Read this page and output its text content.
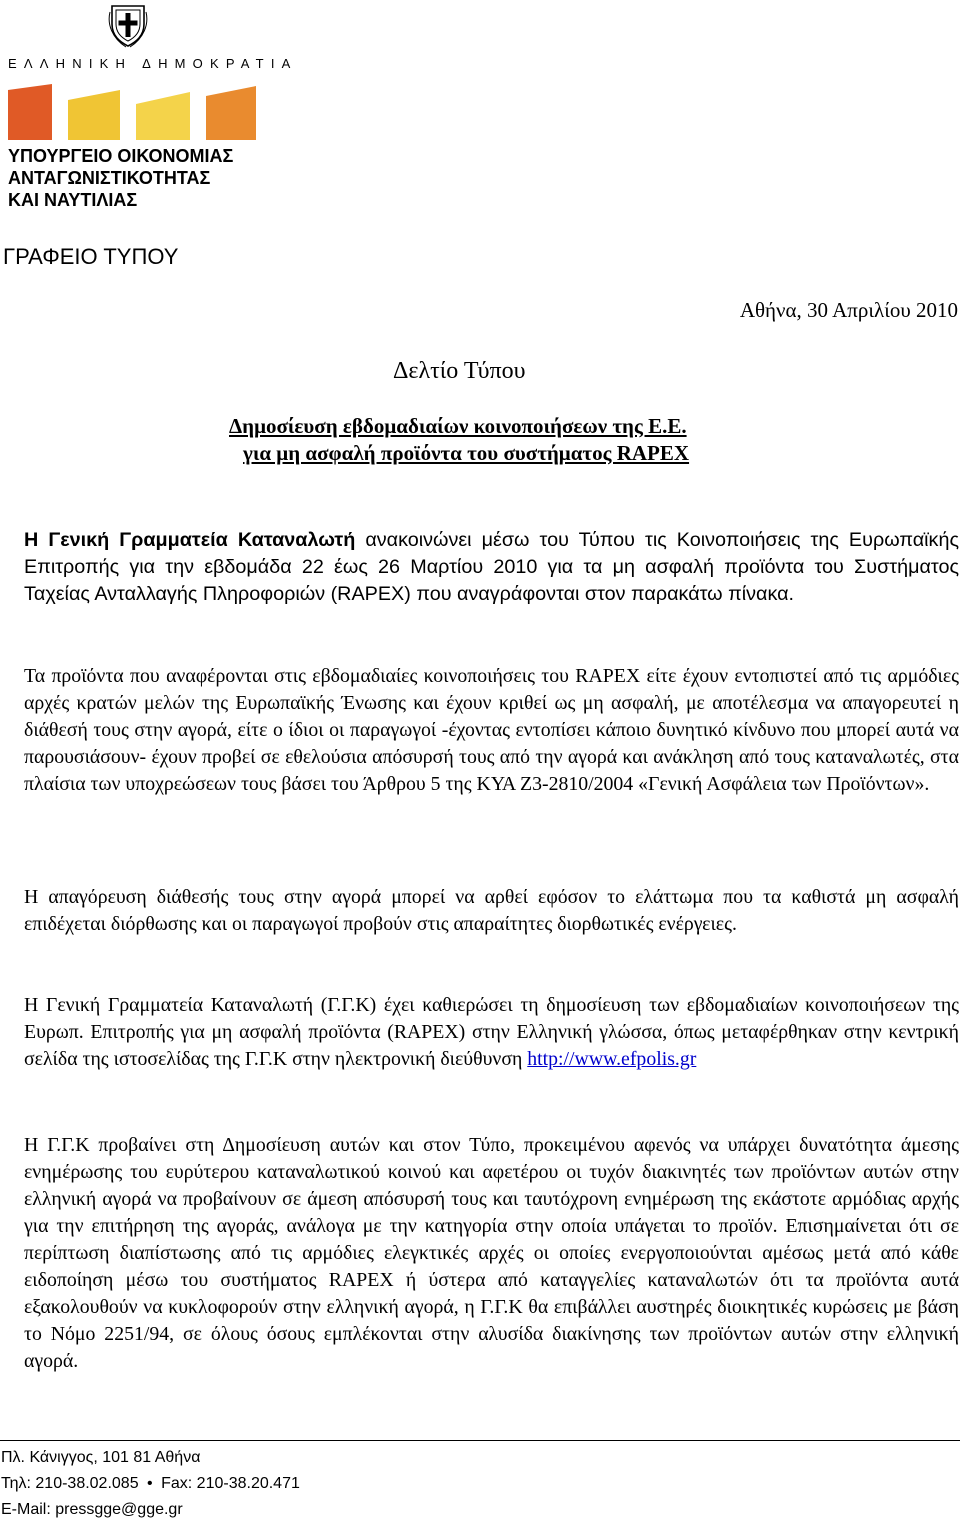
ΕΛΛΗΝΙΚΗ ΔΗΜΟΚΡΑΤΙΑ
ΥΠΟΥΡΓΕΙΟ ΟΙΚΟΝΟΜΙΑΣ
ΑΝΤΑΓΩΝΙΣΤΙΚΟΤΗΤΑΣ
ΚΑΙ ΝΑΥΤΙΛΙΑΣ
ΓΡΑΦΕΙΟ ΤΥΠΟΥ
Αθήνα, 30 Απριλίου 2010
Δελτίο Τύπου
Δημοσίευση εβδομαδιαίων κοινοποιήσεων της Ε.Ε.
για μη ασφαλή προϊόντα του συστήματος RAPEX

Η Γενική Γραμματεία Καταναλωτή ανακοινώνει μέσω του Τύπου τις Κοινοποιήσεις της Ευρωπαϊκής Επιτροπής για την εβδομάδα 22 έως 26 Μαρτίου 2010 για τα μη ασφαλή προϊόντα του Συστήματος Ταχείας Ανταλλαγής Πληροφοριών (RAPEX) που αναγράφονται στον παρακάτω πίνακα.

Τα προϊόντα που αναφέρονται στις εβδομαδιαίες κοινοποιήσεις του RAPEX είτε έχουν εντοπιστεί από τις αρμόδιες αρχές κρατών μελών της Ευρωπαϊκής Ένωσης και έχουν κριθεί ως μη ασφαλή, με αποτέλεσμα να απαγορευτεί η διάθεσή τους στην αγορά, είτε ο ίδιοι οι παραγωγοί -έχοντας εντοπίσει κάποιο δυνητικό κίνδυνο που μπορεί αυτά να παρουσιάσουν- έχουν προβεί σε εθελούσια απόσυρσή τους από την αγορά και ανάκληση από τους καταναλωτές, στα πλαίσια των υποχρεώσεων τους βάσει του Άρθρου 5 της ΚΥΑ Ζ3-2810/2004 «Γενική Ασφάλεια των Προϊόντων».

Η απαγόρευση διάθεσής τους στην αγορά μπορεί να αρθεί εφόσον το ελάττωμα που τα καθιστά μη ασφαλή επιδέχεται διόρθωσης και οι παραγωγοί προβούν στις απαραίτητες διορθωτικές ενέργειες.

Η Γενική Γραμματεία Καταναλωτή (Γ.Γ.Κ) έχει καθιερώσει τη δημοσίευση των εβδομαδιαίων κοινοποιήσεων της Ευρωπ. Επιτροπής για μη ασφαλή προϊόντα (RAPEX) στην Ελληνική γλώσσα, όπως μεταφέρθηκαν στην κεντρική σελίδα της ιστοσελίδας της Γ.Γ.Κ στην ηλεκτρονική διεύθυνση http://www.efpolis.gr

Η Γ.Γ.Κ προβαίνει στη Δημοσίευση αυτών και στον Τύπο, προκειμένου αφενός να υπάρχει δυνατότητα άμεσης ενημέρωσης του ευρύτερου καταναλωτικού κοινού και αφετέρου οι τυχόν διακινητές των προϊόντων αυτών στην ελληνική αγορά να προβαίνουν σε άμεση απόσυρσή τους και ταυτόχρονη ενημέρωση της εκάστοτε αρμόδιας αρχής για την επιτήρηση της αγοράς, ανάλογα με την κατηγορία στην οποία υπάγεται το προϊόν. Επισημαίνεται ότι σε περίπτωση διαπίστωσης από τις αρμόδιες ελεγκτικές αρχές οι οποίες ενεργοποιούνται αμέσως μετά από κάθε ειδοποίηση μέσω του συστήματος RAPEX ή ύστερα από καταγγελίες καταναλωτών ότι τα προϊόντα αυτά εξακολουθούν να κυκλοφορούν στην ελληνική αγορά, η Γ.Γ.Κ θα επιβάλλει αυστηρές διοικητικές κυρώσεις με βάση το Νόμο 2251/94, σε όλους όσους εμπλέκονται στην αλυσίδα διακίνησης των προϊόντων αυτών στην ελληνική αγορά.

Πλ. Κάνιγγος, 101 81 Αθήνα
Τηλ: 210-38.02.085 • Fax: 210-38.20.471
E-Mail: pressgge@gge.gr
